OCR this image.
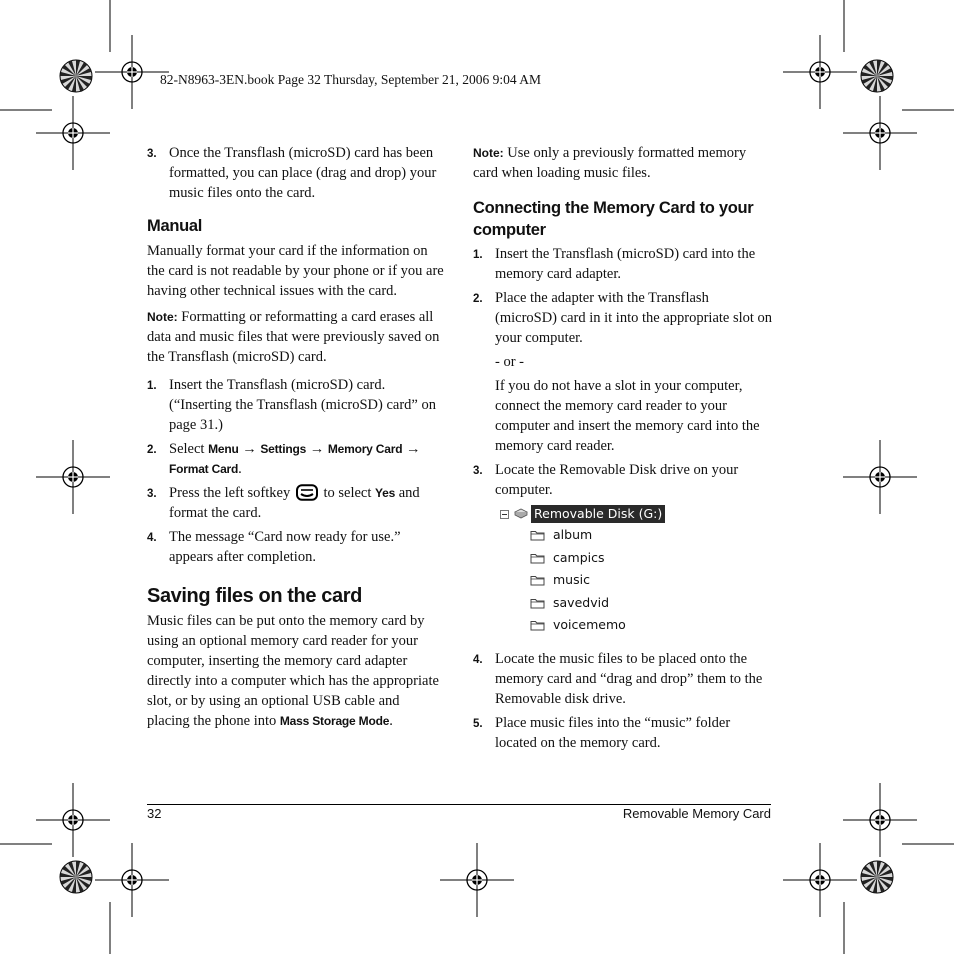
82-N8963-3EN.book Page 32 Thursday, September 21, 2006 9:04 AM
3. Once the Transflash (microSD) card has been formatted, you can place (drag and drop) your music files onto the card.
Manual

Manually format your card if the information on the card is not readable by your phone or if you are having other technical issues with the card.

Note: Formatting or reformatting a card erases all data and music files that were previously saved on the Transflash (microSD) card.

1. Insert the Transflash (microSD) card. (“Inserting the Transflash (microSD) card” on page 31.)
2. Select Menu → Settings → Memory Card → Format Card.
3. Press the left softkey  to select Yes and format the card.
4. The message “Card now ready for use.” appears after completion.
Saving files on the card

Music files can be put onto the memory card by using an optional memory card reader for your computer, inserting the memory card adapter directly into a computer which has the appropriate slot, or by using an optional USB cable and placing the phone into Mass Storage Mode.

Note: Use only a previously formatted memory card when loading music files.

Connecting the Memory Card to your computer
1. Insert the Transflash (microSD) card into the memory card adapter.
2. Place the adapter with the Transflash (microSD) card in it into the appropriate slot on your computer.

- or -

If you do not have a slot in your computer, connect the memory card reader to your computer and insert the memory card into the memory card reader.

3. Locate the Removable Disk drive on your computer.
Removable Disk (G:)
album
campics
music
savedvid
voicememo
4. Locate the music files to be placed onto the memory card and “drag and drop” them to the Removable disk drive.
5. Place music files into the “music” folder located on the memory card.
32	Removable Memory Card
